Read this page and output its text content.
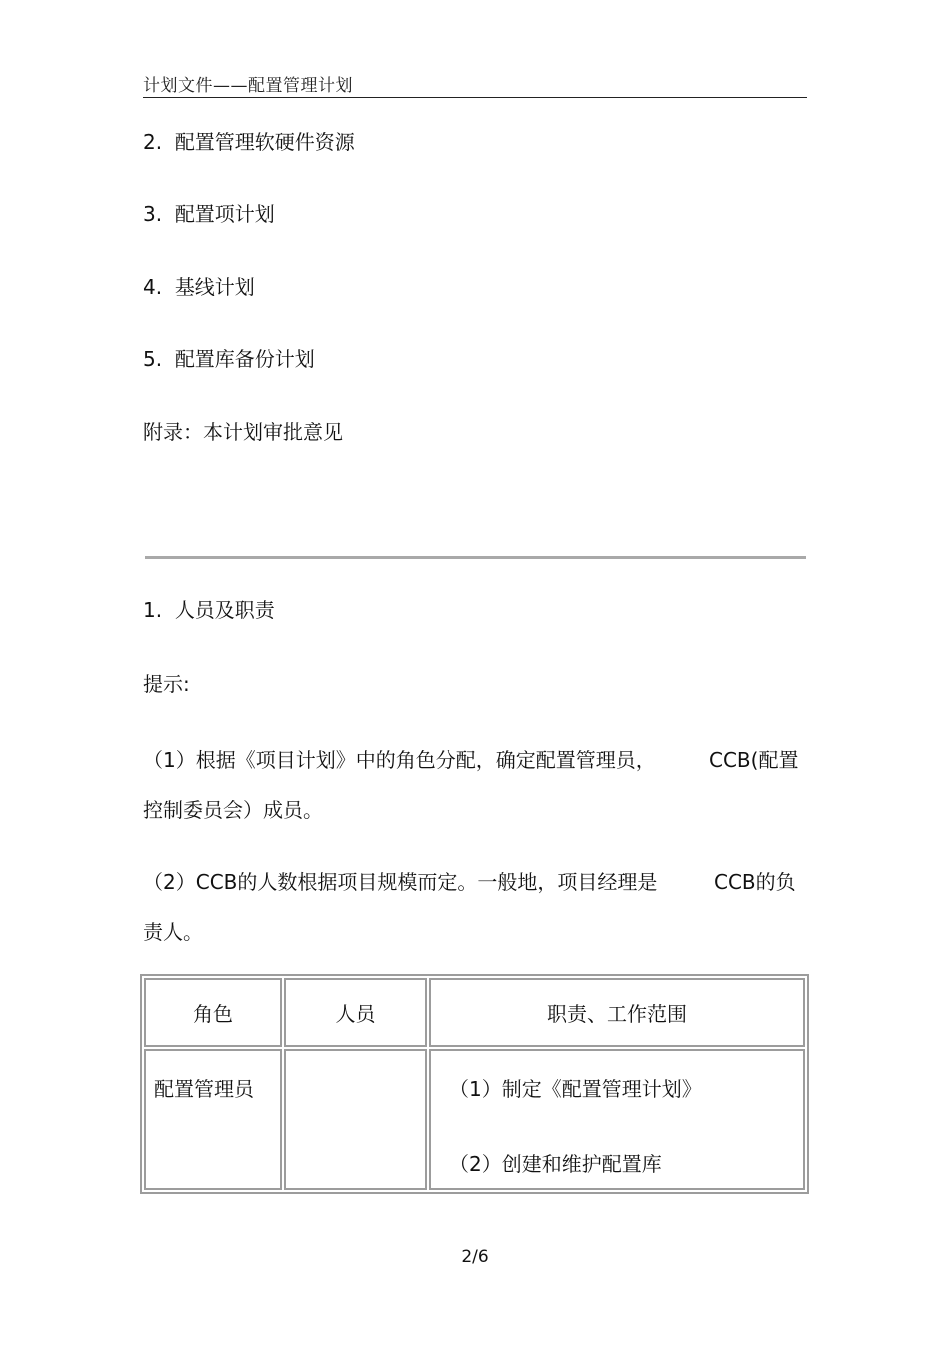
计划文件——配置管理计划
2. 配置管理软硬件资源
3. 配置项计划
4. 基线计划
5. 配置库备份计划
附录：本计划审批意见
1. 人员及职责
提示:
（1）根据《项目计划》中的角色分配，确定配置管理员，	CCB(配置
控制委员会）成员。
（2）CCB的人数根据项目规模而定。一般地，项目经理是	CCB的负
责人。
角色	人员	职责、工作范围

配置管理员		（1）制定《配置管理计划》
（2）创建和维护配置库
2/6
